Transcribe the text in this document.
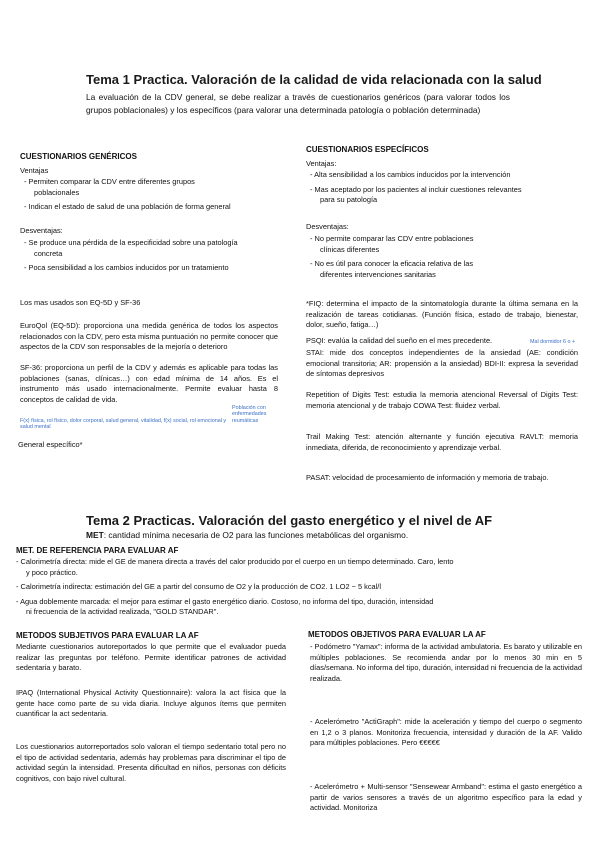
Tema 1 Practica. Valoración de la calidad de vida relacionada con la salud
La evaluación de la CDV general, se debe realizar a través de cuestionarios genéricos (para valorar todos los grupos poblacionales) y los específicos (para valorar una determinada patología o población determinada)
CUESTIONARIOS GENÉRICOS
Ventajas
- Permiten comparar la CDV entre diferentes grupos
poblacionales
- Indican el estado de salud de una población de forma general
Desventajas:
- Se produce una pérdida de la especificidad sobre una patología
concreta
- Poca sensibilidad a los cambios inducidos por un tratamiento
Los mas usados son EQ-5D y SF-36
EuroQol (EQ-5D): proporciona una medida genérica de todos los aspectos relacionados con la CDV, pero esta misma puntuación no permite conocer que aspectos de la CDV son responsables de la mejoría o deterioro
SF-36: proporciona un perfil de la CDV y además es aplicable para todas las poblaciones (sanas, clínicas…) con edad mínima de 14 años. Es el instrumento más usado internacionalmente. Permite evaluar hasta 8 conceptos de calidad de vida.
Población con enfermedades reumáticas
F(x) física, rol físico, dolor corporal, salud general, vitalidad, f(x) social, rol emocional y salud mental
General específico*
CUESTIONARIOS ESPECÍFICOS
Ventajas:
- Alta sensibilidad a los cambios inducidos por la intervención
- Mas aceptado por los pacientes al incluir cuestiones relevantes
para su patología
Desventajas:
- No permite comparar las CDV entre poblaciones
clínicas diferentes
- No es útil para conocer la eficacia relativa de las
diferentes intervenciones sanitarias
*FIQ: determina el impacto de la sintomatología durante la última semana en la realización de tareas cotidianas. (Función física, estado de trabajo, bienestar, dolor, sueño, fatiga…)
PSQI: evalúa la calidad del sueño en el mes precedente.	Mal dormidor 6 o +
STAI: mide dos conceptos independientes de la ansiedad (AE: condición emocional transitoria; AR: propensión a la ansiedad) BDI-II: expresa la severidad de síntomas depresivos
Repetition of Digits Test: estudia la memoria atencional Reversal of Digits Test: memoria atencional y de trabajo COWA Test: fluidez verbal.
Trail Making Test: atención alternante y función ejecutiva RAVLT: memoria inmediata, diferida, de reconocimiento y aprendizaje verbal.
PASAT: velocidad de procesamiento de información y memoria de trabajo.
Tema 2 Practicas. Valoración del gasto energético y el nivel de AF
MET: cantidad mínima necesaria de O2 para las funciones metabólicas del organismo.
MET. DE REFERENCIA PARA EVALUAR AF
- Calorimetría directa: mide el GE de manera directa a través del calor producido por el cuerpo en un tiempo determinado. Caro, lento
y poco práctico.
- Calorimetría indirecta: estimación del GE a partir del consumo de O2 y la producción de CO2. 1 LO2 ~ 5 kcal/l
- Agua doblemente marcada: el mejor para estimar el gasto energético diario. Costoso, no informa del tipo, duración, intensidad
ni frecuencia de la actividad realizada, "GOLD STANDAR".
METODOS SUBJETIVOS PARA EVALUAR LA AF
Mediante cuestionarios autoreportados lo que permite que el evaluador pueda realizar las preguntas por teléfono. Permite identificar patrones de actividad sedentaria y barato.
IPAQ (International Physical Activity Questionnaire): valora la act física que la gente hace como parte de su vida diaria. Incluye algunos ítems que permiten cuantificar la act sedentaria.
Los cuestionarios autorreportados solo valoran el tiempo sedentario total pero no el tipo de actividad sedentaria, además hay problemas para discriminar el tipo de actividad según la intensidad. Presenta dificultad en niños, personas con déficits cognitivos, con bajo nivel cultural.
METODOS OBJETIVOS PARA EVALUAR LA AF
- Podómetro "Yamax": informa de la actividad ambulatoria. Es barato y utilizable en múltiples poblaciones. Se recomienda andar por lo menos 30 min en 5 días/semana. No informa del tipo, duración, intensidad ni frecuencia de la actividad realizada.
- Acelerómetro "ActiGraph": mide la aceleración y tiempo del cuerpo o segmento en 1,2 o 3 planos. Monitoriza frecuencia, intensidad y duración de la AF. Valido para múltiples poblaciones. Pero €€€€€
- Acelerómetro + Multi-sensor "Sensewear Armband": estima el gasto energético a partir de varios sensores a través de un algoritmo específico para la edad y actividad. Monitoriza
